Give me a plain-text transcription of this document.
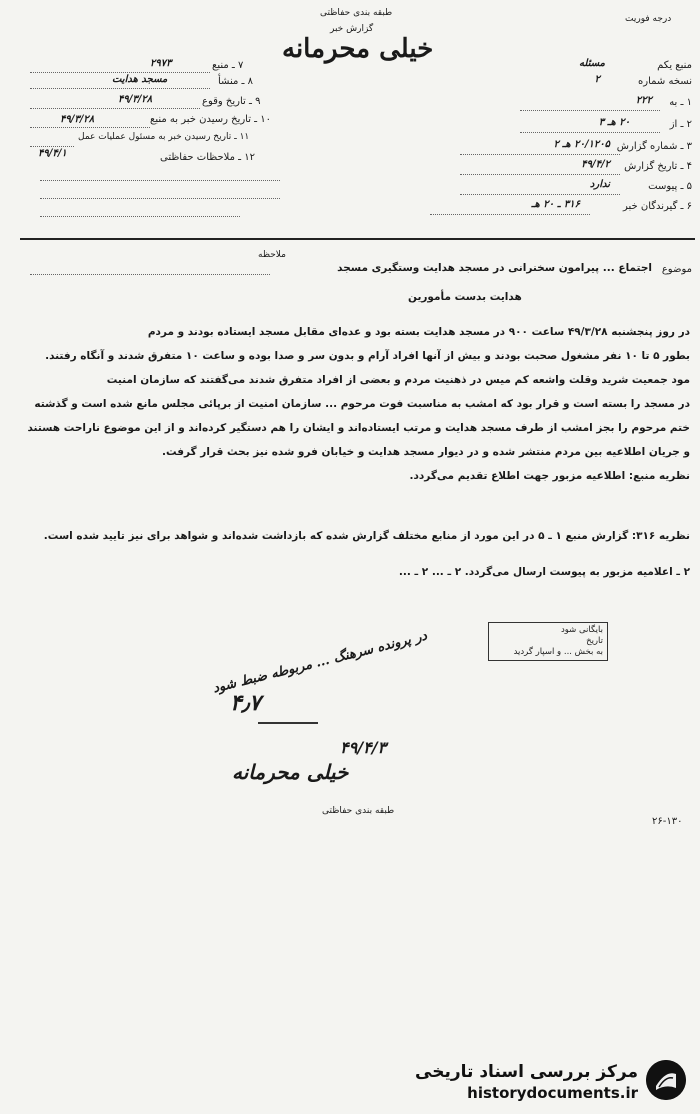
طبقه بندی حفاظتی
درجه فوریت
گزارش خبر
خیلی محرمانه
منبع یکم
مسئله
نسخه شماره
۲
۱ ـ به
۲۲۲
۲ ـ از
۲۰ هـ ۳
۳ ـ شماره گزارش
۲۰/۱۲۰۵ هـ ۲
۴ ـ تاریخ گزارش
۴۹/۴/۲
۵ ـ پیوست
ندارد
۶ ـ گیرندگان خبر
۳۱۶ ـ ۲۰ هـ
۷ ـ منبع
۲۹۷۳
۸ ـ منشأ
مسجد هدایت
۹ ـ تاریخ وقوع
۴۹/۳/۲۸
۱۰ ـ تاریخ رسیدن خبر به منبع
۴۹/۳/۲۸
۱۱ ـ تاریخ رسیدن خبر به مسئول عملیات عمل
۱۲ ـ ملاحظات حفاظتی
۴۹/۴/۱
موضوع
اجتماع ... پیرامون سخنرانی در مسجد هدایت وستگیری مسجد
ملاحظه
هدایت بدست مأمورین
در روز پنجشنبه ۴۹/۳/۲۸ ساعت ۹۰۰ در مسجد هدایت بسته بود و عده‌ای مقابل مسجد ایستاده بودند و مردم
بطور ۵ تا ۱۰ نفر مشغول صحبت بودند و بیش از آنها افراد آرام و بدون سر و صدا بوده و ساعت ۱۰ متفرق شدند و آنگاه رفتند.
مود جمعیت شرید وقلت واشعه کم میس در ذهنیت مردم و بعضی از افراد متفرق شدند می‌گفتند که سازمان امنیت
در مسجد را بسته است و قرار بود که امشب به مناسبت فوت مرحوم ... سازمان امنیت از برپائی مجلس مانع شده است و گذشته
ختم مرحوم را بجز امشب از طرف مسجد هدایت و مرتب ایستاده‌اند و ایشان را هم دستگیر کرده‌اند و از این موضوع ناراحت هستند
و جریان اطلاعیه بین مردم منتشر شده و در دیوار مسجد هدایت و خیابان فرو شده نیز بحث قرار گرفت.
نظریه منبع: اطلاعیه مزبور جهت اطلاع تقدیم می‌گردد.
نظریه ۳۱۶: گزارش منبع ۱ ـ ۵ در این مورد از منابع مختلف گزارش شده که بازداشت شده‌اند و شواهد برای نیز تایید شده است.
۲ ـ اعلامیه مزبور به پیوست ارسال می‌گردد. ۲ ـ ... ۲ ـ ...
بایگانی شود
تاریخ
به بخش ... و اسپار گردید
در پرونده سرهنگ ... مربوطه ضبط شود
۴٫۷
۴۹/۴/۳
خیلی محرمانه
طبقه بندی حفاظتی
۲۶-۱۳۰
مرکز بررسی اسناد تاریخی
historydocuments.ir
